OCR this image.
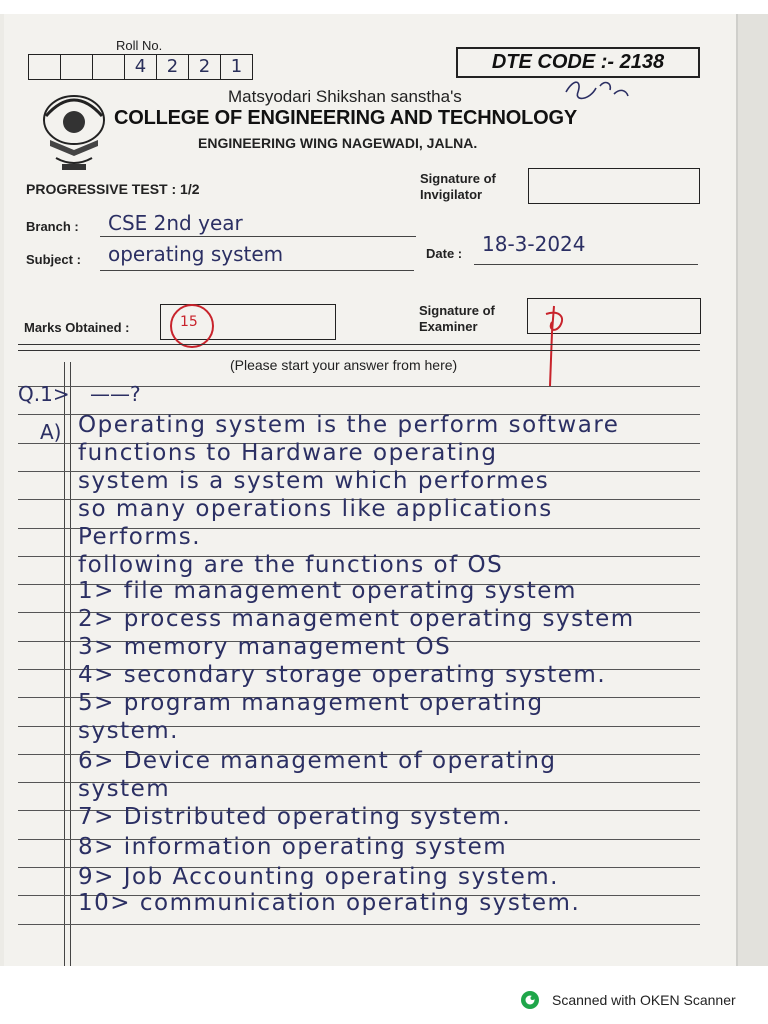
Roll No.
4	2	2	1	DTE CODE :- 2138
Matsyodari Shikshan sanstha's
COLLEGE OF ENGINEERING AND TECHNOLOGY
ENGINEERING WING NAGEWADI, JALNA.
PROGRESSIVE TEST : 1/2
Signature of
Invigilator
Branch : CSE 2nd year
Subject : operating system	Date : 18-3-2024
Marks Obtained :	15
Signature of
Examiner
(Please start your answer from here)
Q.1> ——?
A) Operating system is the perform software
functions to Hardware operating
system is a system which performes
so many operations like applications
Performs.
following are the functions of OS
1> file management operating system
2> process management operating system
3> memory management OS
4> secondary storage operating system.
5> program management operating
system.
6> Device management of operating
system
7> Distributed operating system.
8> information operating system
9> Job Accounting operating system.
10> communication operating system.
Scanned with OKEN Scanner
